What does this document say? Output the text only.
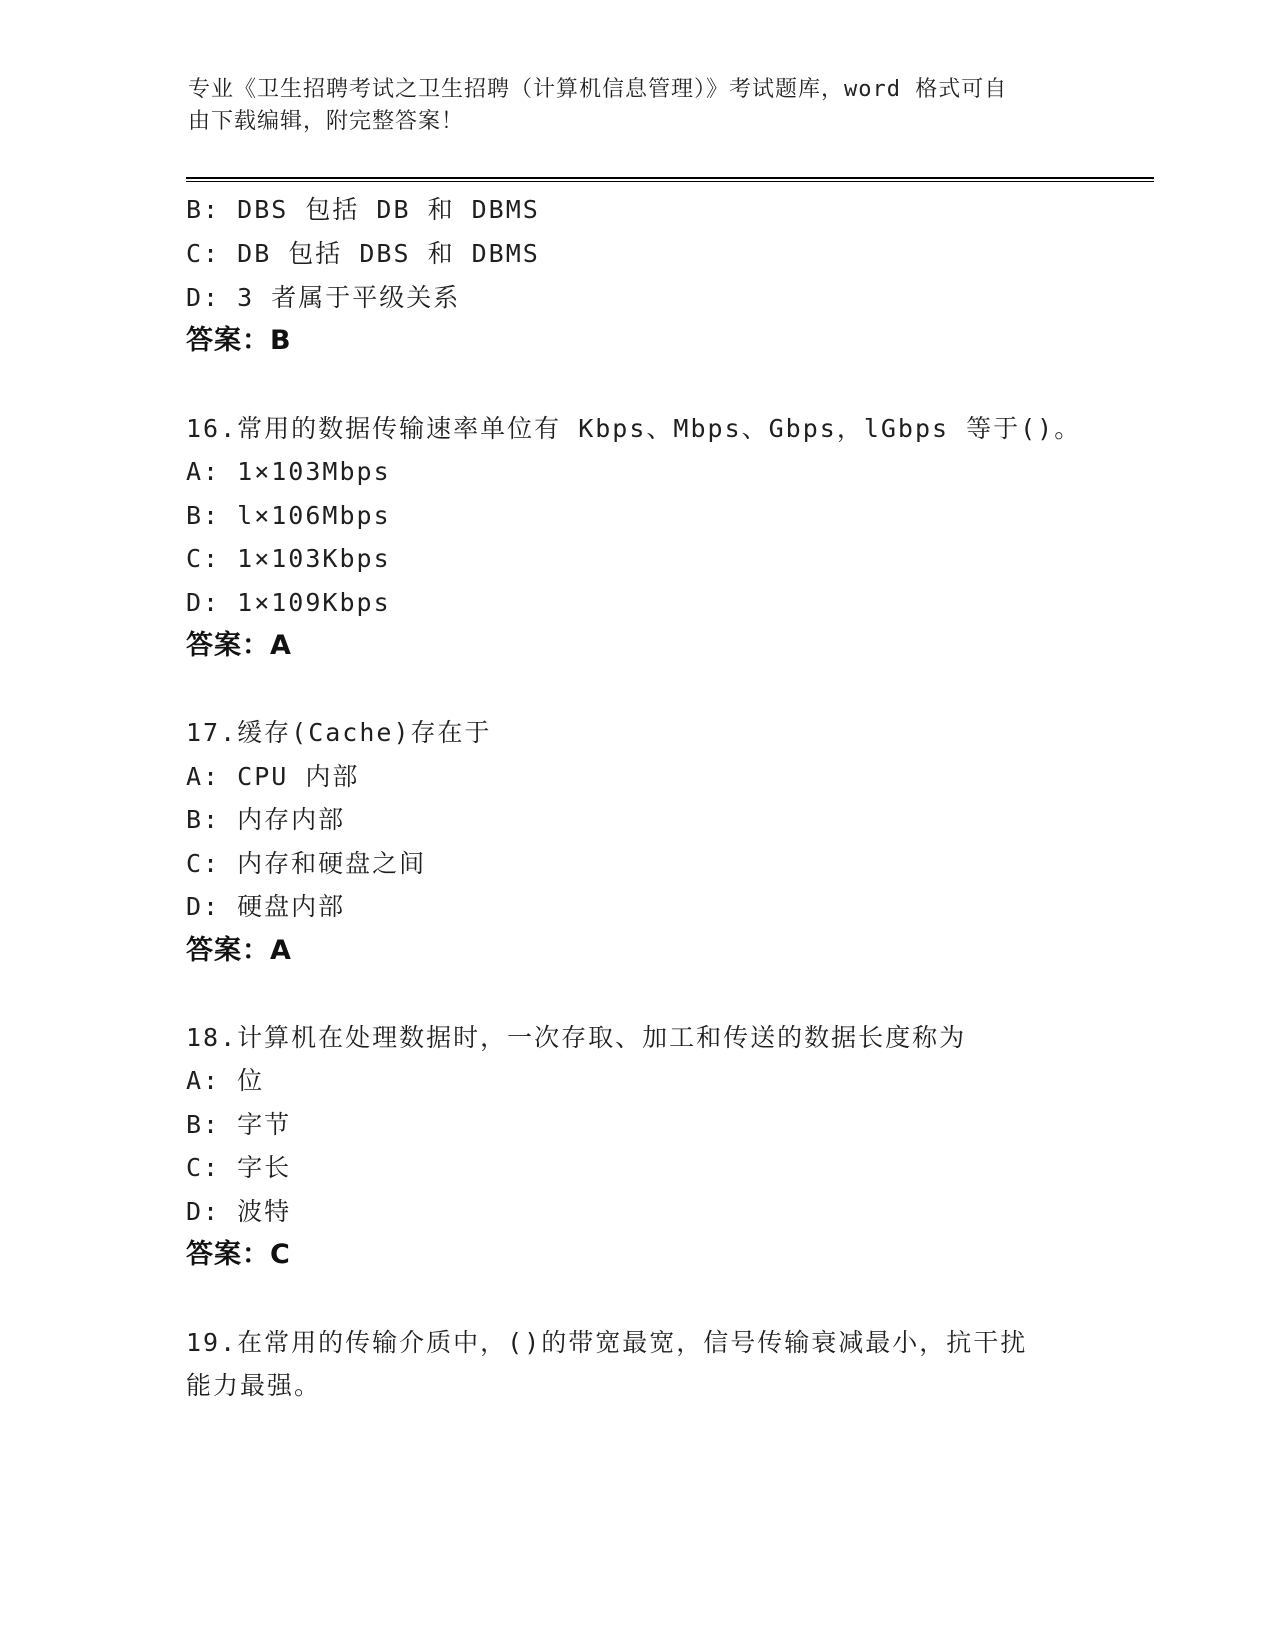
专业《卫生招聘考试之卫生招聘（计算机信息管理）》考试题库，word 格式可自
由下载编辑，附完整答案！
B: DBS 包括 DB 和 DBMS
C: DB 包括 DBS 和 DBMS
D: 3 者属于平级关系
答案：B
16.常用的数据传输速率单位有 Kbps、Mbps、Gbps，lGbps 等于()。
A: 1×103Mbps
B: l×106Mbps
C: 1×103Kbps
D: 1×109Kbps
答案：A
17.缓存(Cache)存在于
A: CPU 内部
B: 内存内部
C: 内存和硬盘之间
D: 硬盘内部
答案：A
18.计算机在处理数据时，一次存取、加工和传送的数据长度称为
A: 位
B: 字节
C: 字长
D: 波特
答案：C
19.在常用的传输介质中，()的带宽最宽，信号传输衰减最小，抗干扰
能力最强。
